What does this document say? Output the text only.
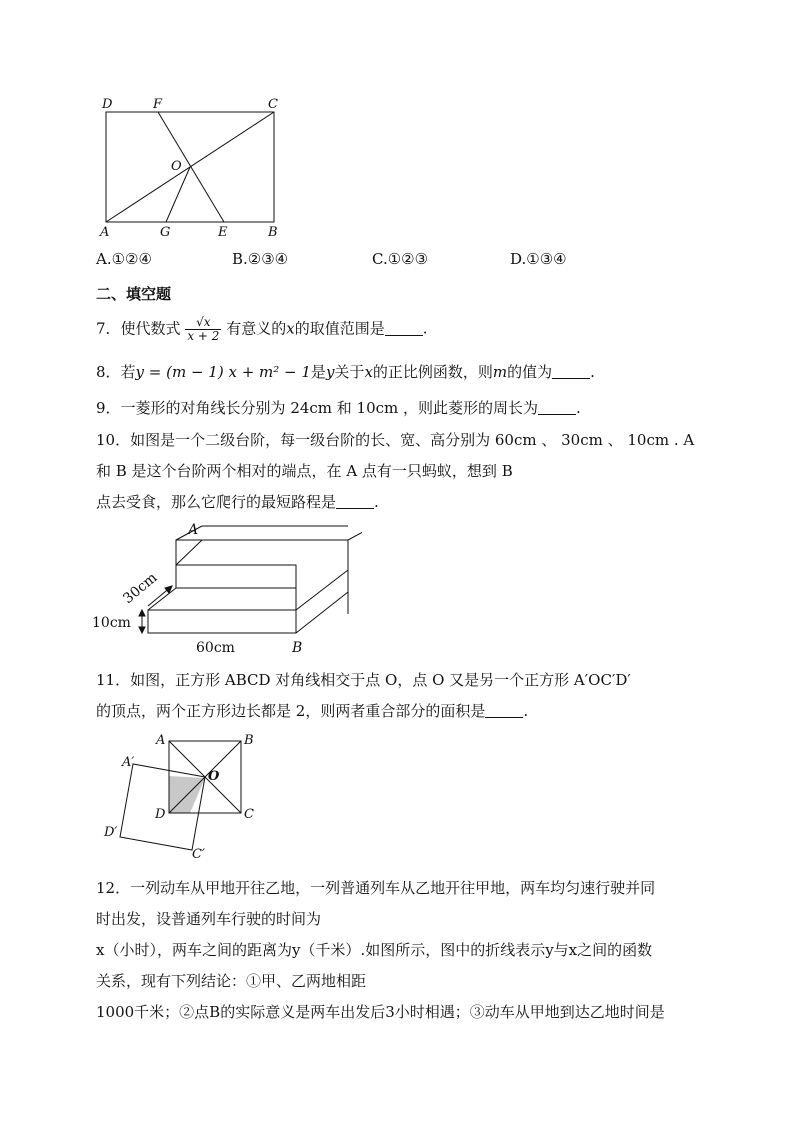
D	F	C
O
A	G	E	B
A.①②④	B.②③④	C.①②③	D.①③④
二、填空题
7．使代数式 $\frac{√x}{x + 2}$ 有意义的x的取值范围是	.
8．若y = (m − 1) x + m² − 1是y关于x的正比例函数，则m的值为	.
9．一菱形的对角线长分别为 24cm 和 10cm ，则此菱形的周长为	.
10．如图是一个二级台阶，每一级台阶的长、宽、高分别为 60cm 、 30cm 、 10cm . A
和 B 是这个台阶两个相对的端点，在 A 点有一只蚂蚁，想到 B
点去受食，那么它爬行的最短路程是	.
A
B
10cm
60cm
30cm
11．如图，正方形 ABCD 对角线相交于点 O，点 O 又是另一个正方形 A′OC′D′
的顶点，两个正方形边长都是 2，则两者重合部分的面积是	.
A	B
C
D
O
A′
D′
C′
12．一列动车从甲地开往乙地，一列普通列车从乙地开往甲地，两车均匀速行驶并同
时出发，设普通列车行驶的时间为
x（小时），两车之间的距离为y（千米）.如图所示，图中的折线表示y与x之间的函数
关系，现有下列结论：①甲、乙两地相距
1000千米；②点B的实际意义是两车出发后3小时相遇；③动车从甲地到达乙地时间是
